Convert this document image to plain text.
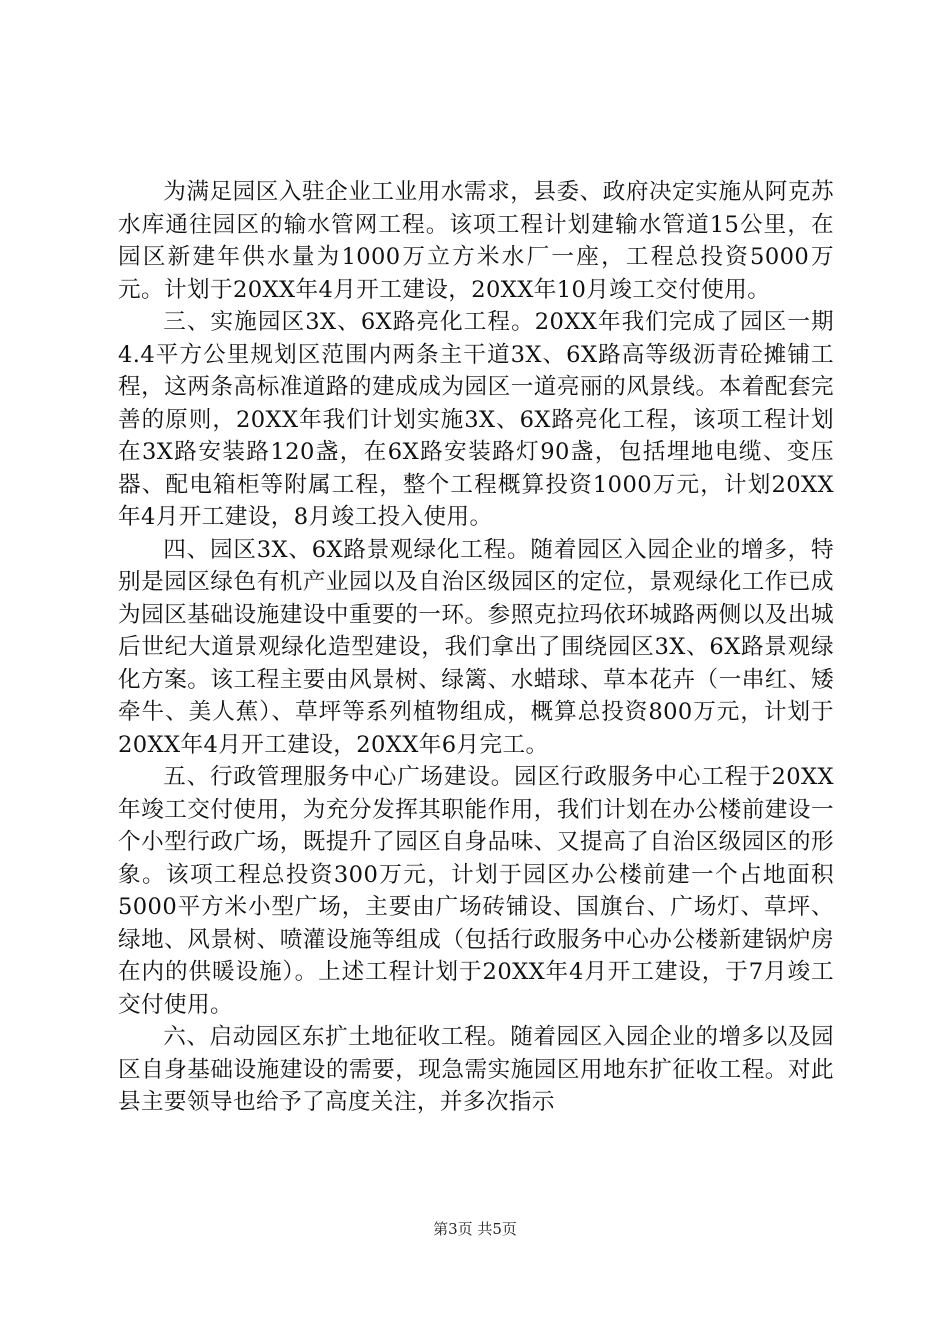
为满足园区入驻企业工业用水需求，县委、政府决定实施从阿克苏水库通往园区的输水管网工程。该项工程计划建输水管道15公里，在园区新建年供水量为1000万立方米水厂一座，工程总投资5000万元。计划于20XX年4月开工建设，20XX年10月竣工交付使用。

三、实施园区3X、6X路亮化工程。20XX年我们完成了园区一期4.4平方公里规划区范围内两条主干道3X、6X路高等级沥青砼摊铺工程，这两条高标准道路的建成成为园区一道亮丽的风景线。本着配套完善的原则，20XX年我们计划实施3X、6X路亮化工程，该项工程计划在3X路安装路120盏，在6X路安装路灯90盏，包括埋地电缆、变压器、配电箱柜等附属工程，整个工程概算投资1000万元，计划20XX年4月开工建设，8月竣工投入使用。

四、园区3X、6X路景观绿化工程。随着园区入园企业的增多，特别是园区绿色有机产业园以及自治区级园区的定位，景观绿化工作已成为园区基础设施建设中重要的一环。参照克拉玛依环城路两侧以及出城后世纪大道景观绿化造型建设，我们拿出了围绕园区3X、6X路景观绿化方案。该工程主要由风景树、绿篱、水蜡球、草本花卉（一串红、矮牵牛、美人蕉）、草坪等系列植物组成，概算总投资800万元，计划于20XX年4月开工建设，20XX年6月完工。

五、行政管理服务中心广场建设。园区行政服务中心工程于20XX年竣工交付使用，为充分发挥其职能作用，我们计划在办公楼前建设一个小型行政广场，既提升了园区自身品味、又提高了自治区级园区的形象。该项工程总投资300万元，计划于园区办公楼前建一个占地面积5000平方米小型广场，主要由广场砖铺设、国旗台、广场灯、草坪、绿地、风景树、喷灌设施等组成（包括行政服务中心办公楼新建锅炉房在内的供暖设施）。上述工程计划于20XX年4月开工建设，于7月竣工交付使用。

六、启动园区东扩土地征收工程。随着园区入园企业的增多以及园区自身基础设施建设的需要，现急需实施园区用地东扩征收工程。对此县主要领导也给予了高度关注，并多次指示

第3页 共5页
